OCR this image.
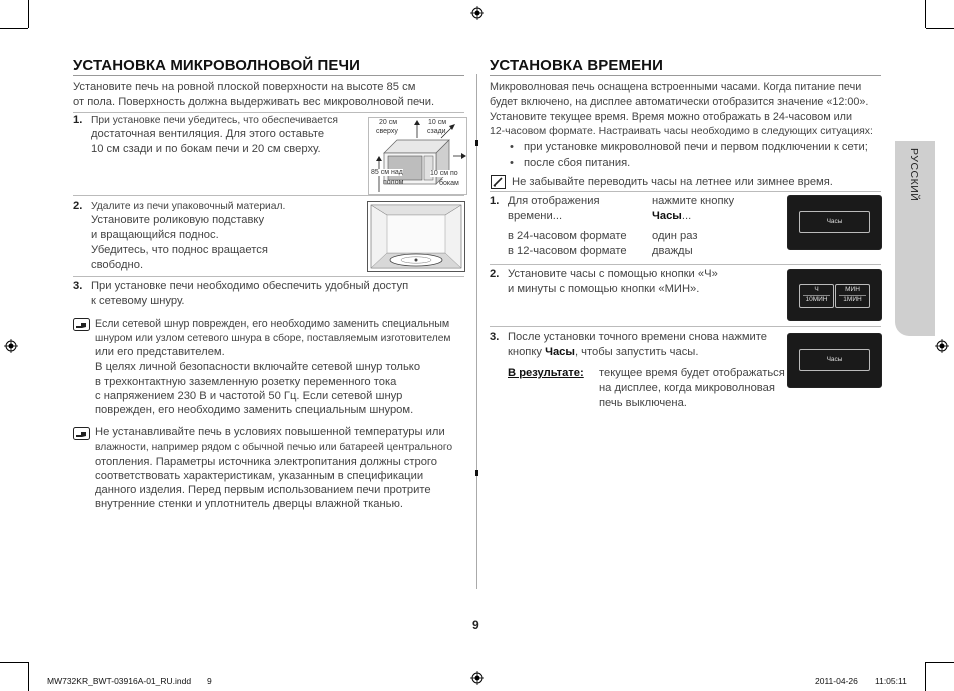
УСТАНОВКА МИКРОВОЛНОВОЙ ПЕЧИ
Установите печь на ровной плоской поверхности на высоте 85 см
от пола. Поверхность должна выдерживать вес микроволновой печи.
1. При установке печи убедитесь, что обеспечивается
достаточная вентиляция. Для этого оставьте
10 см сзади и по бокам печи и 20 см сверху.
20 см
сверху
10 см
сзади
85 см над
полом
10 см по
бокам
2. Удалите из печи упаковочный материал.
Установите роликовую подставку
и вращающийся поднос.
Убедитесь, что поднос вращается
свободно.
3. При установке печи необходимо обеспечить удобный доступ
к сетевому шнуру.
Если сетевой шнур поврежден, его необходимо заменить специальным
шнуром или узлом сетевого шнура в сборе, поставляемым изготовителем
или его представителем.
В целях личной безопасности включайте сетевой шнур только
в трехконтактную заземленную розетку переменного тока
с напряжением 230 В и частотой 50 Гц. Если сетевой шнур
поврежден, его необходимо заменить специальным шнуром.
Не устанавливайте печь в условиях повышенной температуры или
влажности, например рядом с обычной печью или батареей центрального
отопления. Параметры источника электропитания должны строго
соответствовать характеристикам, указанным в спецификации
данного изделия. Перед первым использованием печи протрите
внутренние стенки и уплотнитель дверцы влажной тканью.
УСТАНОВКА ВРЕМЕНИ
Микроволновая печь оснащена встроенными часами. Когда питание печи
будет включено, на дисплее автоматически отобразится значение «12:00».
Установите текущее время. Время можно отображать в 24-часовом или
12-часовом формате. Настраивать часы необходимо в следующих ситуациях:
• при установке микроволновой печи и первом подключении к сети;
• после сбоя питания.
Не забывайте переводить часы на летнее или зимнее время.
1. Для отображения
времени...
нажмите кнопку
Часы...
в 24-часовом формате один раз
в 12-часовом формате дважды
Часы
2. Установите часы с помощью кнопки «Ч»
и минуты с помощью кнопки «МИН».	Ч
10МИН
МИН
1МИН
3. После установки точного времени снова нажмите
кнопку Часы, чтобы запустить часы.
В результате: текущее время будет отображаться
на дисплее, когда микроволновая
печь выключена.
Часы
РУССКИЙ
9
MW732KR_BWT-03916A-01_RU.indd 9	2011-04-26 11:05:11
